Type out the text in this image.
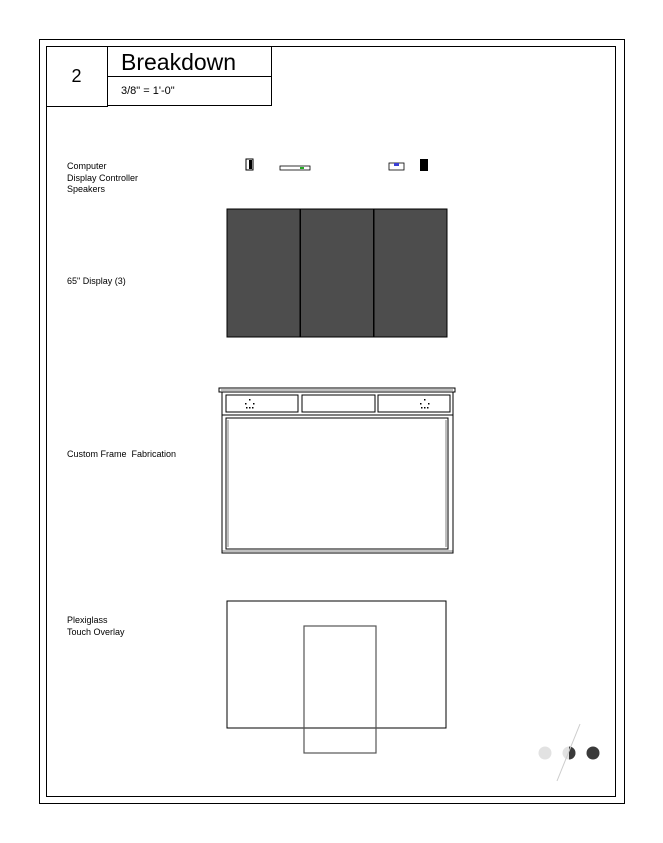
2
Breakdown
3/8" = 1'-0"
Computer
Display Controller
Speakers
65" Display (3)
Custom Frame  Fabrication
Plexiglass
Touch Overlay
